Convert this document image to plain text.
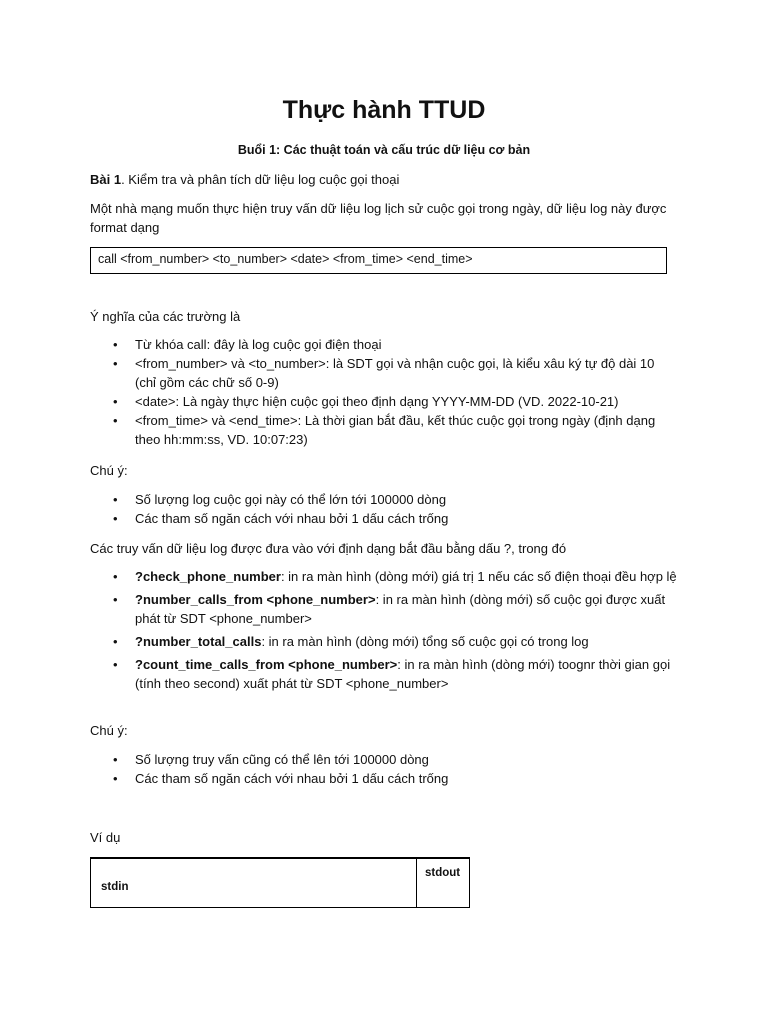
Thực hành TTUD

Buổi 1: Các thuật toán và cấu trúc dữ liệu cơ bản

Bài 1. Kiểm tra và phân tích dữ liệu log cuộc gọi thoại

Một nhà mạng muốn thực hiện truy vấn dữ liệu log lịch sử cuộc gọi trong ngày, dữ liệu log này được

format dạng

call <from_number> <to_number> <date> <from_time> <end_time>

Ý nghĩa của các trường là

• Từ khóa call: đây là log cuộc gọi điện thoại
• <from_number> và <to_number>: là SDT gọi và nhận cuộc gọi, là kiểu xâu ký tự độ dài 10 (chỉ gồm các chữ số 0-9)
• <date>: Là ngày thực hiện cuộc gọi theo định dạng YYYY-MM-DD (VD. 2022-10-21)
• <from_time> và <end_time>: Là thời gian bắt đầu, kết thúc cuộc gọi trong ngày (định dạng theo hh:mm:ss, VD. 10:07:23)

Chú ý:

• Số lượng log cuộc gọi này có thể lớn tới 100000 dòng
• Các tham số ngăn cách với nhau bởi 1 dấu cách trống

Các truy vấn dữ liệu log được đưa vào với định dạng bắt đầu bằng dấu ?, trong đó

• ?check_phone_number: in ra màn hình (dòng mới) giá trị 1 nếu các số điện thoại đều hợp lệ
• ?number_calls_from <phone_number>: in ra màn hình (dòng mới) số cuộc gọi được xuất phát từ SDT <phone_number>
• ?number_total_calls: in ra màn hình (dòng mới) tổng số cuộc gọi có trong log
• ?count_time_calls_from <phone_number>: in ra màn hình (dòng mới) toognr thời gian gọi (tính theo second) xuất phát từ SDT <phone_number>

Chú ý:

• Số lượng truy vấn cũng có thể lên tới 100000 dòng
• Các tham số ngăn cách với nhau bởi 1 dấu cách trống

Ví dụ

stdin
stdout
